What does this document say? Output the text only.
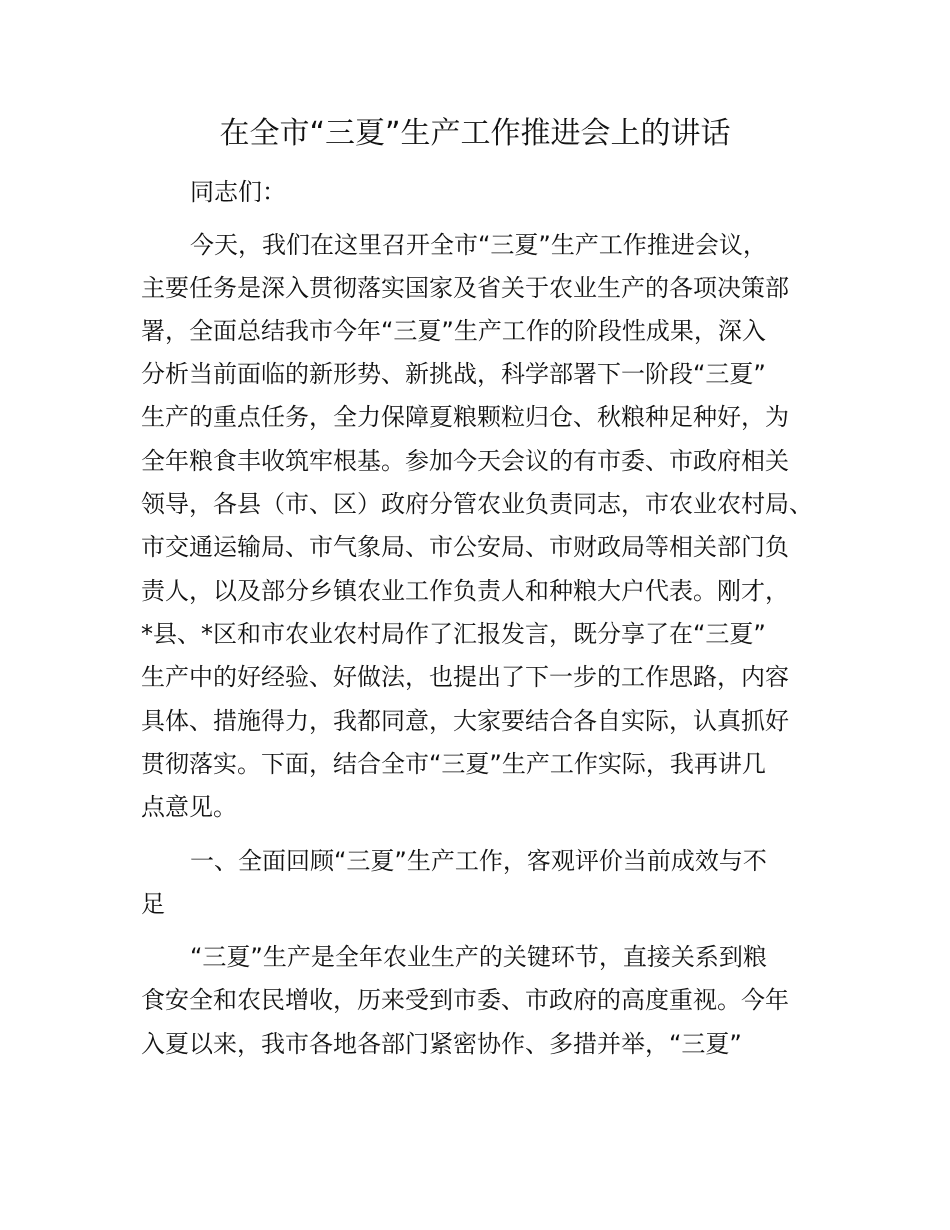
在全市“三夏”生产工作推进会上的讲话
同志们：
今天，我们在这里召开全市“三夏”生产工作推进会议，
主要任务是深入贯彻落实国家及省关于农业生产的各项决策部
署，全面总结我市今年“三夏”生产工作的阶段性成果，深入
分析当前面临的新形势、新挑战，科学部署下一阶段“三夏”
生产的重点任务，全力保障夏粮颗粒归仓、秋粮种足种好，为
全年粮食丰收筑牢根基。参加今天会议的有市委、市政府相关
领导，各县（市、区）政府分管农业负责同志，市农业农村局、
市交通运输局、市气象局、市公安局、市财政局等相关部门负
责人，以及部分乡镇农业工作负责人和种粮大户代表。刚才，
*县、*区和市农业农村局作了汇报发言，既分享了在“三夏”
生产中的好经验、好做法，也提出了下一步的工作思路，内容
具体、措施得力，我都同意，大家要结合各自实际，认真抓好
贯彻落实。下面，结合全市“三夏”生产工作实际，我再讲几
点意见。
一、全面回顾“三夏”生产工作，客观评价当前成效与不
足
“三夏”生产是全年农业生产的关键环节，直接关系到粮
食安全和农民增收，历来受到市委、市政府的高度重视。今年
入夏以来，我市各地各部门紧密协作、多措并举，“三夏”
